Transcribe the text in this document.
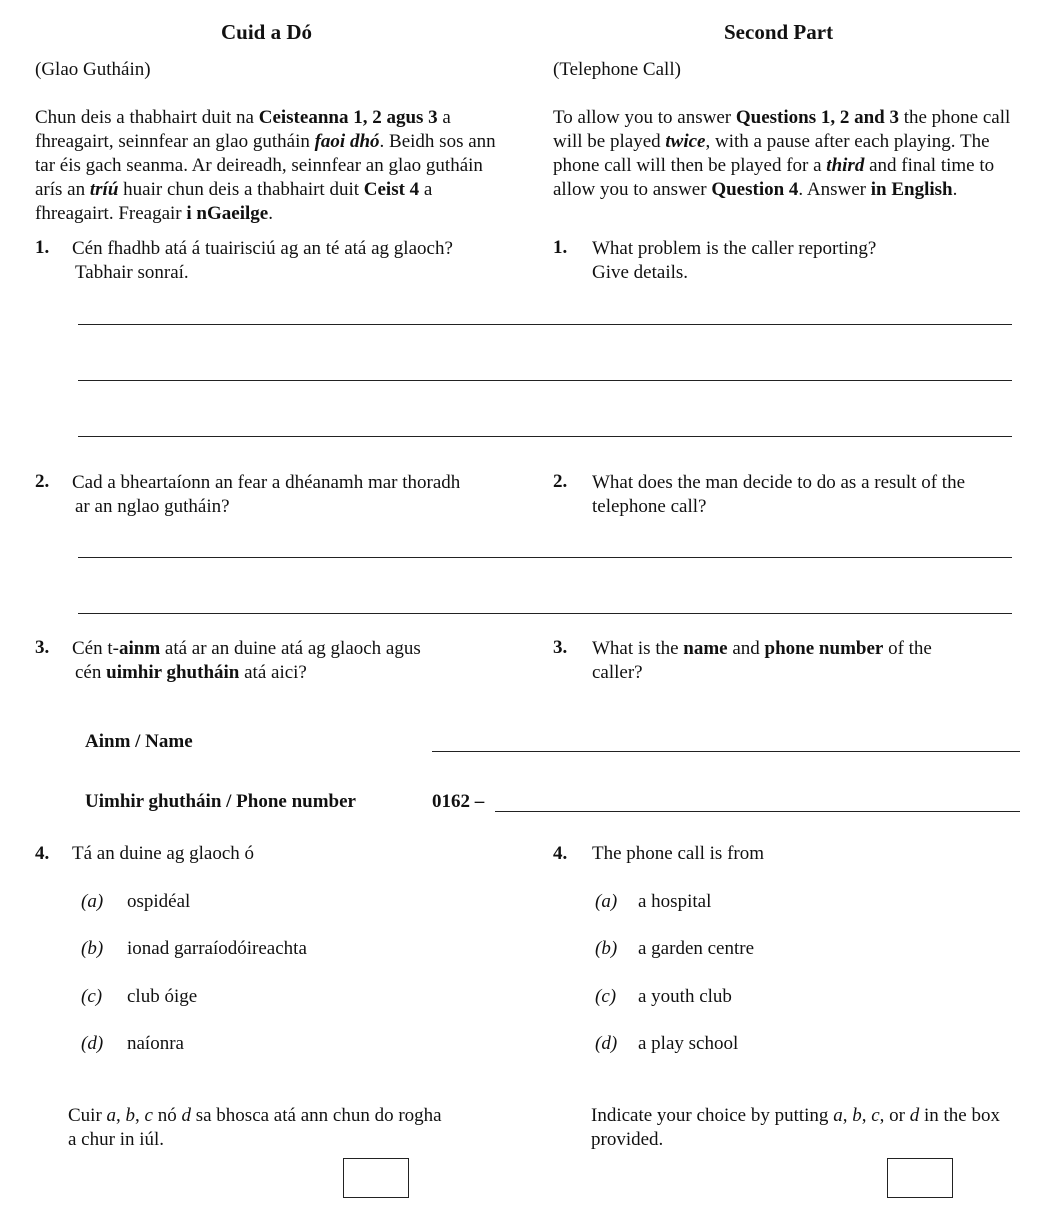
Cuid a Dó	Second Part
(Glao Gutháin)	(Telephone Call)
Chun deis a thabhairt duit na Ceisteanna 1, 2 agus 3 a fhreagairt, seinnfear an glao gutháin faoi dhó. Beidh sos ann tar éis gach seanma. Ar deireadh, seinnfear an glao gutháin arís an tríú huair chun deis a thabhairt duit Ceist 4 a fhreagairt. Freagair i nGaeilge.
To allow you to answer Questions 1, 2 and 3 the phone call will be played twice, with a pause after each playing. The phone call will then be played for a third and final time to allow you to answer Question 4. Answer in English.
1. Cén fhadhb atá á tuairisciú ag an té atá ag glaoch?
Tabhair sonraí.
1. What problem is the caller reporting?
Give details.
2. Cad a bheartaíonn an fear a dhéanamh mar thoradh
ar an nglao gutháin?
2. What does the man decide to do as a result of the
telephone call?
3. Cén t-ainm atá ar an duine atá ag glaoch agus
cén uimhir ghutháin atá aici?
3. What is the name and phone number of the
caller?
Ainm / Name
Uimhir ghutháin / Phone number	0162 –
4. Tá an duine ag glaoch ó	4. The phone call is from
(a) ospidéal
(b) ionad garraíodóireachta
(c) club óige
(d) naíonra
(a) a hospital
(b) a garden centre
(c) a youth club
(d) a play school
Cuir a, b, c nó d sa bhosca atá ann chun do rogha
a chur in iúl.
Indicate your choice by putting a, b, c, or d in the box
provided.
